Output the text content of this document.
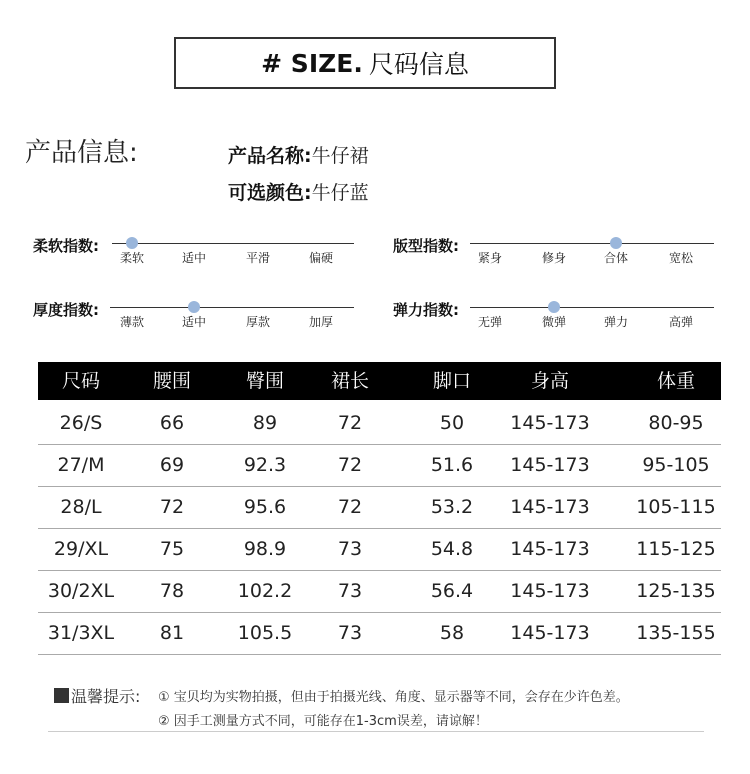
# SIZE. 尺码信息
产品信息:	产品名称: 牛仔裙
可选颜色: 牛仔蓝
柔软指数:
柔软	适中	平滑	偏硬
版型指数:
紧身	修身	合体	宽松
厚度指数:
薄款	适中	厚款	加厚
弹力指数:
无弹	微弹	弹力	高弹
尺码	腰围	臀围	裙长	脚口	身高	体重
26/S	66	89	72	50	145-173	80-95
27/M	69	92.3	72	51.6	145-173	95-105
28/L	72	95.6	72	53.2	145-173	105-115
29/XL	75	98.9	73	54.8	145-173	115-125
30/2XL	78	102.2	73	56.4	145-173	125-135
31/3XL	81	105.5	73	58	145-173	135-155
温馨提示: ① 宝贝均为实物拍摄，但由于拍摄光线、角度、显示器等不同，会存在少许色差。
② 因手工测量方式不同，可能存在1-3cm误差，请谅解！
